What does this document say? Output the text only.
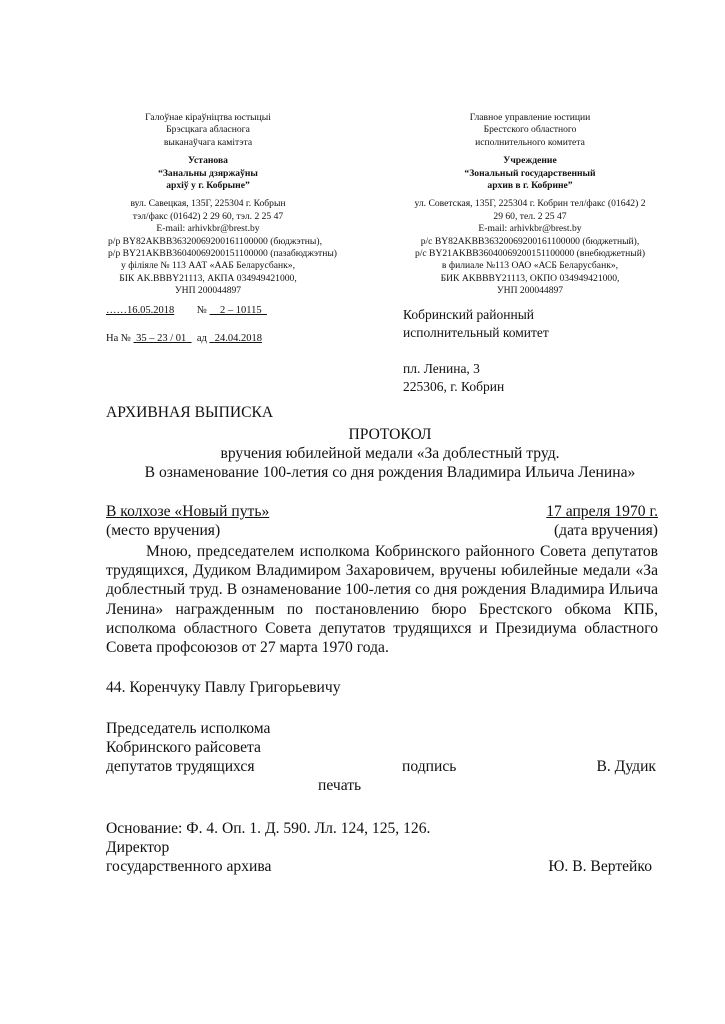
Галоўнае кіраўніцтва юстыцыі
Брэсцкага абласнога
выканаўчага камітэта
Установа
“Занальны дзяржаўны
архіў у г. Кобрыне”
вул. Савецкая, 135Г, 225304 г. Кобрын
тэл/факс (01642) 2 29 60, тэл. 2 25 47
E-mail: arhivkbr@brest.by
р/р BY82AKBB36320069200161100000 (бюджэтны),
р/р BY21AKBB36040069200151100000 (пазабюджэтны)
у філіяле № 113 ААТ «ААБ Беларусбанк»,
БІК AK.BBBY21113, АКПА 034949421000,
УНП 200044897
Главное управление юстиции
Брестского областного
исполнительного комитета
Учреждение
“Зональный государственный
архив в г. Кобрине”
ул. Советская, 135Г, 225304 г. Кобрин тел/факс (01642) 2
29 60, тел. 2 25 47
E-mail: arhivkbr@brest.by
р/с BY82AKBB36320069200161100000 (бюджетный),
р/с BY21AKBB36040069200151100000 (внебюджетный)
в филиале №113 ОАО «АСБ Беларусбанк»,
БИК AKBBBY21113, ОКПО 034949421000,
УНП 200044897
……16.05.2018 № 2 – 10115
На № 35 – 23 / 01 ад 24.04.2018
Кобринский районный
исполнительный комитет
пл. Ленина, 3
225306, г. Кобрин
АРХИВНАЯ ВЫПИСКА
ПРОТОКОЛ
вручения юбилейной медали «За доблестный труд.
В ознаменование 100-летия со дня рождения Владимира Ильича Ленина»
В колхозе «Новый путь»	17 апреля 1970 г.
(место вручения)	(дата вручения)
Мною, председателем исполкома Кобринского районного Совета депутатов трудящихся, Дудиком Владимиром Захаровичем, вручены юбилейные медали «За доблестный труд. В ознаменование 100-летия со дня рождения Владимира Ильича Ленина» награжденным по постановлению бюро Брестского обкома КПБ, исполкома областного Совета депутатов трудящихся и Президиума областного Совета профсоюзов от 27 марта 1970 года.
44. Коренчуку Павлу Григорьевичу
Председатель исполкома
Кобринского райсовета
депутатов трудящихся	подпись	В. Дудик
печать
Основание: Ф. 4. Оп. 1. Д. 590. Лл. 124, 125, 126.
Директор
государственного архива	Ю. В. Вертейко
